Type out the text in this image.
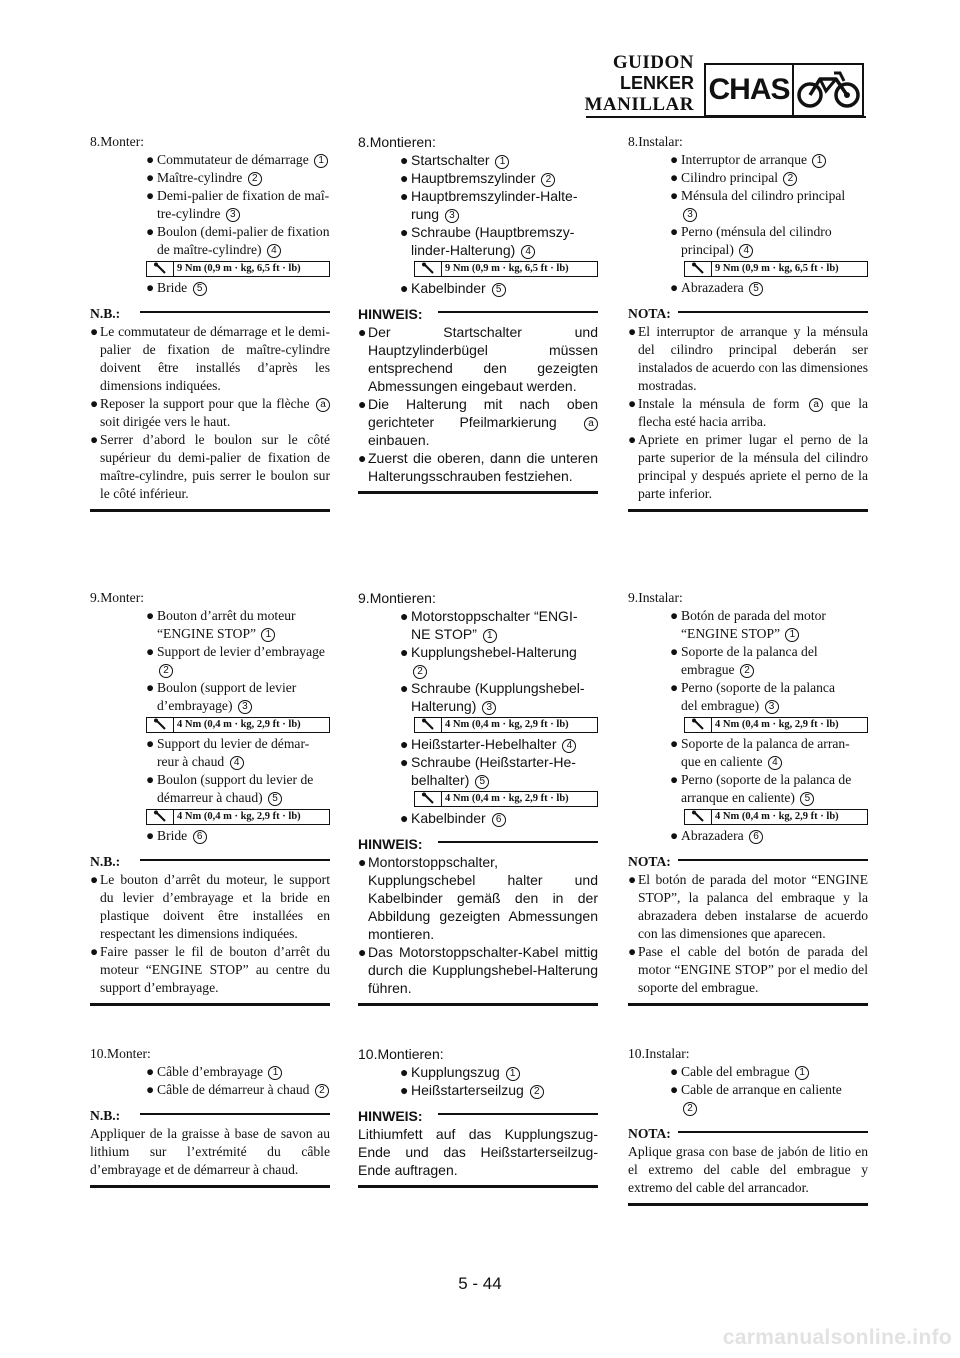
GUIDON
LENKER
MANILLAR CHAS
8.Monter:
● Commutateur de démarrage 1
● Maître-cylindre 2
● Demi-palier de fixation de maî-
tre-cylindre 3
● Boulon (demi-palier de fixation
de maître-cylindre) 4
9 Nm (0,9 m · kg, 6,5 ft · lb)
● Bride 5
N.B.:
● Le commutateur de démarrage et le demi-palier de fixation de maître-cylindre doivent être installés d’après les dimensions indiquées.
● Reposer la support pour que la flèche a soit dirigée vers le haut.
● Serrer d’abord le boulon sur le côté supérieur du demi-palier de fixation de maître-cylindre, puis serrer le boulon sur le côté inférieur.
9.Monter:
● Bouton d’arrêt du moteur
“ENGINE STOP” 1
● Support de levier d’embrayage
2
● Boulon (support de levier
d’embrayage) 3
4 Nm (0,4 m · kg, 2,9 ft · lb)
● Support du levier de démar-
reur à chaud 4
● Boulon (support du levier de
démarreur à chaud) 5
4 Nm (0,4 m · kg, 2,9 ft · lb)
● Bride 6
N.B.:
● Le bouton d’arrêt du moteur, le support du levier d’embrayage et la bride en plastique doivent être installées en respectant les dimensions indiquées.
● Faire passer le fil de bouton d’arrêt du moteur “ENGINE STOP” au centre du support d’embrayage.
10.Monter:
● Câble d’embrayage 1
● Câble de démarreur à chaud 2
N.B.:
Appliquer de la graisse à base de savon au lithium sur l’extrémité du câble d’embrayage et de démarreur à chaud.
8.Montieren:
● Startschalter 1
● Hauptbremszylinder 2
● Hauptbremszylinder-Halte-
rung 3
● Schraube (Hauptbremszy-
linder-Halterung) 4
9 Nm (0,9 m · kg, 6,5 ft · lb)
● Kabelbinder 5
HINWEIS:
● Der Startschalter und Hauptzylinderbügel müssen entsprechend den gezeigten Abmessungen eingebaut werden.
● Die Halterung mit nach oben gerichteter Pfeilmarkierung	a einbauen.
● Zuerst die oberen, dann die unteren Halterungsschrauben festziehen.
9.Montieren:
● Motorstoppschalter “ENGI-
NE STOP” 1
● Kupplungshebel-Halterung
2
● Schraube (Kupplungshebel-
Halterung) 3
4 Nm (0,4 m · kg, 2,9 ft · lb)
● Heißstarter-Hebelhalter 4
● Schraube (Heißstarter-He-
belhalter) 5
4 Nm (0,4 m · kg, 2,9 ft · lb)
● Kabelbinder 6
HINWEIS:
● Montorstoppschalter, Kupplungschebel halter und Kabelbinder gemäß den in der Abbildung gezeigten Abmessungen montieren.
● Das Motorstoppschalter-Kabel mittig durch die Kupplungshebel-Halterung führen.
10.Montieren:
● Kupplungszug 1
● Heißstarterseilzug 2
HINWEIS:
Lithiumfett auf das Kupplungszug-Ende und das Heißstarterseilzug-Ende auftragen.
8.Instalar:
● Interruptor de arranque 1
● Cilindro principal 2
● Ménsula del cilindro principal
3
● Perno (ménsula del cilindro
principal) 4
9 Nm (0,9 m · kg, 6,5 ft · lb)
● Abrazadera 5
NOTA:
● El interruptor de arranque y la ménsula del cilindro principal deberán ser instalados de acuerdo con las dimensiones mostradas.
● Instale la ménsula de form a que la flecha esté hacia arriba.
● Apriete en primer lugar el perno de la parte superior de la ménsula del cilindro principal y después apriete el perno de la parte inferior.
9.Instalar:
● Botón de parada del motor
“ENGINE STOP” 1
● Soporte de la palanca del
embrague 2
● Perno (soporte de la palanca
del embrague) 3
4 Nm (0,4 m · kg, 2,9 ft · lb)
● Soporte de la palanca de arran-
que en caliente 4
● Perno (soporte de la palanca de
arranque en caliente) 5
4 Nm (0,4 m · kg, 2,9 ft · lb)
● Abrazadera 6
NOTA:
● El botón de parada del motor “ENGINE STOP”, la palanca del embraque y la abrazadera deben instalarse de acuerdo con las dimensiones que aparecen.
● Pase el cable del botón de parada del motor “ENGINE STOP” por el medio del soporte del embrague.
10.Instalar:
● Cable del embrague 1
● Cable de arranque en caliente
2
NOTA:
Aplique grasa con base de jabón de litio en el extremo del cable del embrague y extremo del cable del arrancador.
5 - 44
carmanualsonline.info
